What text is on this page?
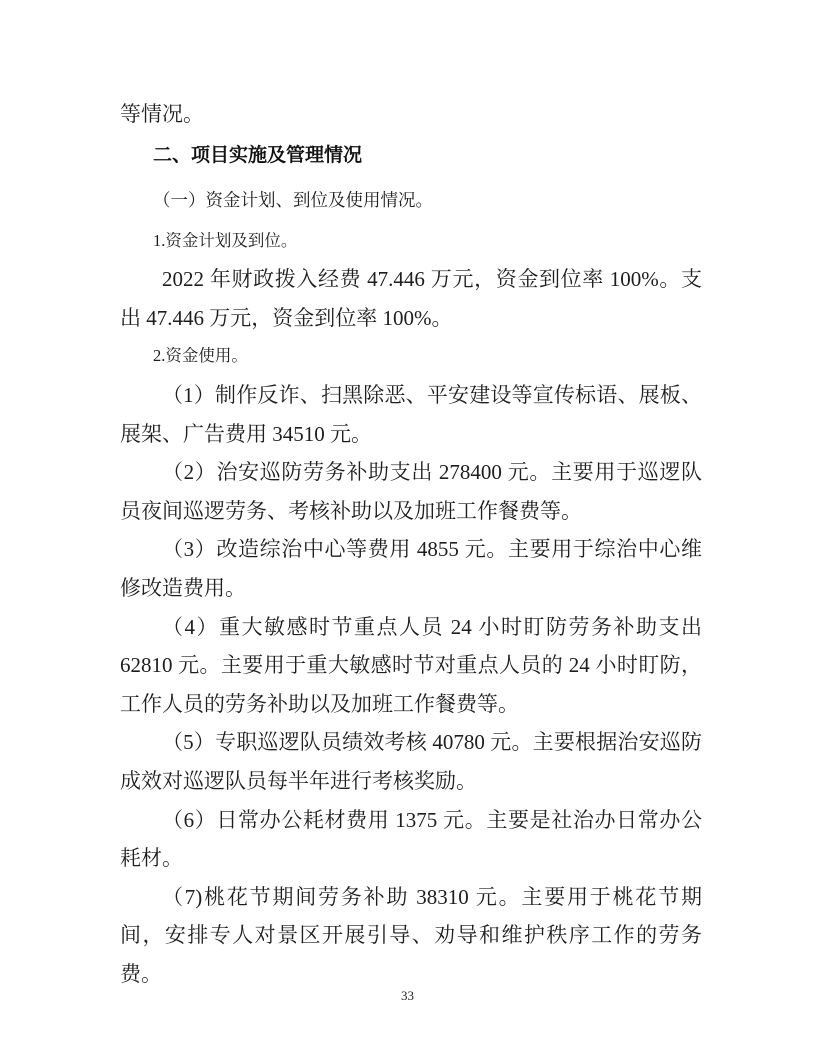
等情况。

二、项目实施及管理情况

（一）资金计划、到位及使用情况。

1.资金计划及到位。

2022 年财政拨入经费 47.446 万元，资金到位率 100%。支出 47.446 万元，资金到位率 100%。

2.资金使用。

（1）制作反诈、扫黑除恶、平安建设等宣传标语、展板、展架、广告费用 34510 元。

（2）治安巡防劳务补助支出 278400 元。主要用于巡逻队员夜间巡逻劳务、考核补助以及加班工作餐费等。

（3）改造综治中心等费用 4855 元。主要用于综治中心维修改造费用。

（4）重大敏感时节重点人员 24 小时盯防劳务补助支出 62810 元。主要用于重大敏感时节对重点人员的 24 小时盯防，工作人员的劳务补助以及加班工作餐费等。

（5）专职巡逻队员绩效考核 40780 元。主要根据治安巡防成效对巡逻队员每半年进行考核奖励。

（6）日常办公耗材费用 1375 元。主要是社治办日常办公耗材。

（7)桃花节期间劳务补助 38310 元。主要用于桃花节期间，安排专人对景区开展引导、劝导和维护秩序工作的劳务费。

33
